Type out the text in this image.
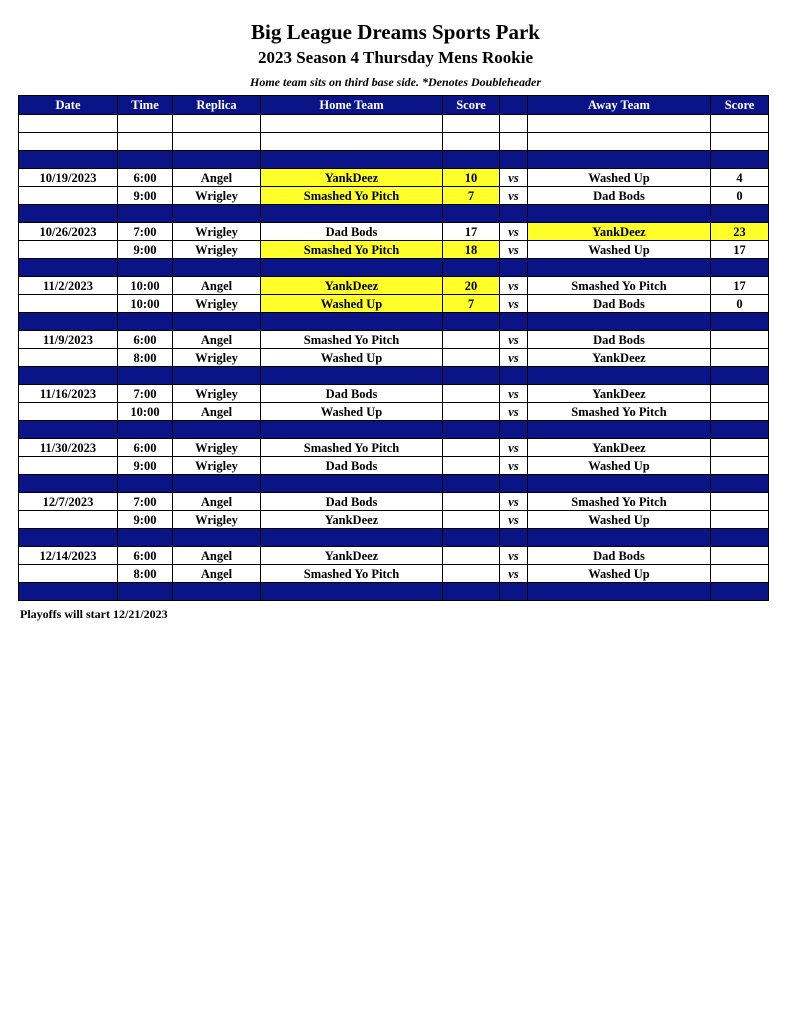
Big League Dreams Sports Park
2023 Season 4 Thursday Mens Rookie
Home team sits on third base side. *Denotes Doubleheader
Date	Time	Replica	Home Team	Score		Away Team	Score

10/19/2023	6:00	Angel	YankDeez	10	vs	Washed Up	4
	9:00	Wrigley	Smashed Yo Pitch	7	vs	Dad Bods	0

10/26/2023	7:00	Wrigley	Dad Bods	17	vs	YankDeez	23
	9:00	Wrigley	Smashed Yo Pitch	18	vs	Washed Up	17

11/2/2023	10:00	Angel	YankDeez	20	vs	Smashed Yo Pitch	17
	10:00	Wrigley	Washed Up	7	vs	Dad Bods	0

11/9/2023	6:00	Angel	Smashed Yo Pitch		vs	Dad Bods	
	8:00	Wrigley	Washed Up		vs	YankDeez	

11/16/2023	7:00	Wrigley	Dad Bods		vs	YankDeez	
	10:00	Angel	Washed Up		vs	Smashed Yo Pitch	

11/30/2023	6:00	Wrigley	Smashed Yo Pitch		vs	YankDeez	
	9:00	Wrigley	Dad Bods		vs	Washed Up	

12/7/2023	7:00	Angel	Dad Bods		vs	Smashed Yo Pitch	
	9:00	Wrigley	YankDeez		vs	Washed Up	

12/14/2023	6:00	Angel	YankDeez		vs	Dad Bods	
	8:00	Angel	Smashed Yo Pitch		vs	Washed Up	

Playoffs will start 12/21/2023
